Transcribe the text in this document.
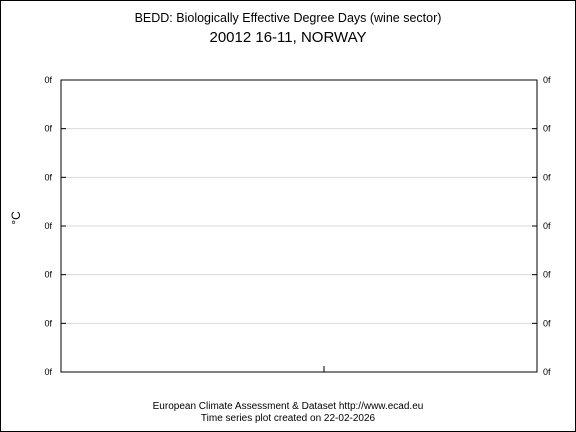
BEDD: Biologically Effective Degree Days (wine sector)
20012 16-11, NORWAY
0f
0f
0f
0f
0f
0f
0f
0f
0f
0f
0f
0f
0f
0f
°C
European Climate Assessment & Dataset http://www.ecad.eu
Time series plot created on 22-02-2026
